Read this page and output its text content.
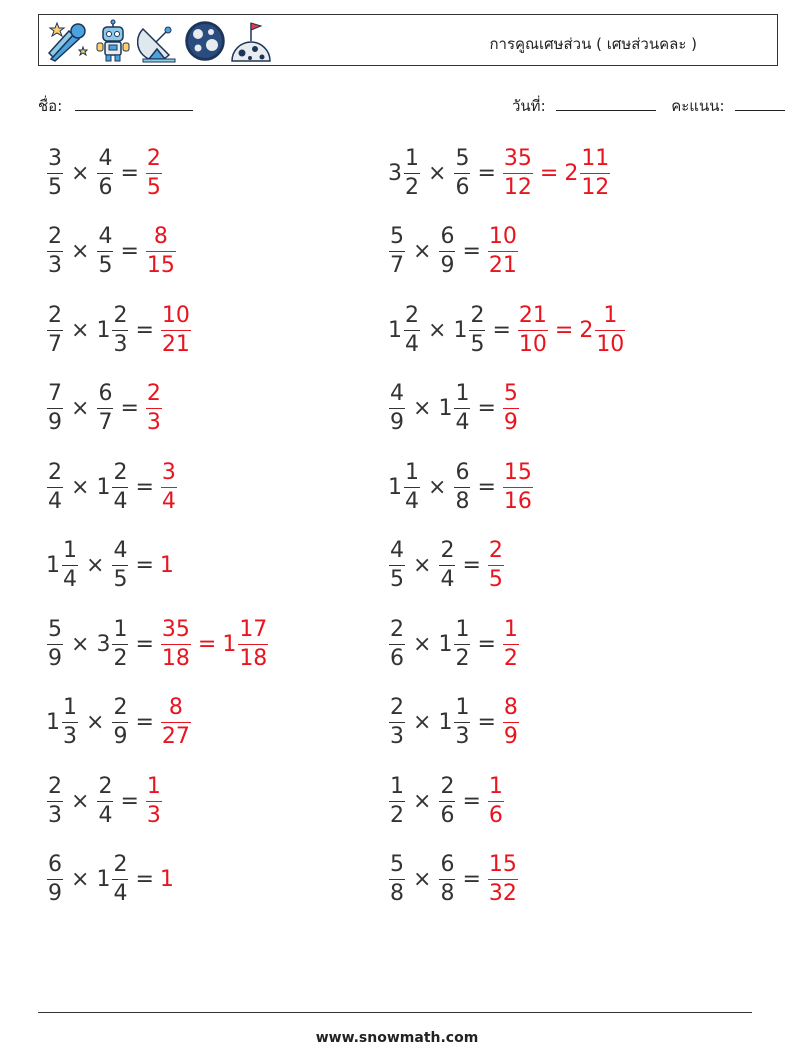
การคูณเศษส่วน ( เศษส่วนคละ )
ชื่อ:	วันที่:	คะแนน:
$\frac{3}{5} \times \frac{4}{6} = \frac{2}{5}$	$3 \frac{1}{2} \times \frac{5}{6} = \frac{35}{12} = 2 \frac{11}{12}$
$\frac{2}{3} \times \frac{4}{5} = \frac{8}{15}$	$\frac{5}{7} \times \frac{6}{9} = \frac{10}{21}$
$\frac{2}{7} \times 1 \frac{2}{3} = \frac{10}{21}$	$1 \frac{2}{4} \times 1 \frac{2}{5} = \frac{21}{10} = 2 \frac{1}{10}$
$\frac{7}{9} \times \frac{6}{7} = \frac{2}{3}$	$\frac{4}{9} \times 1 \frac{1}{4} = \frac{5}{9}$
$\frac{2}{4} \times 1 \frac{2}{4} = \frac{3}{4}$	$1 \frac{1}{4} \times \frac{6}{8} = \frac{15}{16}$
$1 \frac{1}{4} \times \frac{4}{5} = 1$	$\frac{4}{5} \times \frac{2}{4} = \frac{2}{5}$
$\frac{5}{9} \times 3 \frac{1}{2} = \frac{35}{18} = 1 \frac{17}{18}$	$\frac{2}{6} \times 1 \frac{1}{2} = \frac{1}{2}$
$1 \frac{1}{3} \times \frac{2}{9} = \frac{8}{27}$	$\frac{2}{3} \times 1 \frac{1}{3} = \frac{8}{9}$
$\frac{2}{3} \times \frac{2}{4} = \frac{1}{3}$	$\frac{1}{2} \times \frac{2}{6} = \frac{1}{6}$
$\frac{6}{9} \times 1 \frac{2}{4} = 1$	$\frac{5}{8} \times \frac{6}{8} = \frac{15}{32}$
www.snowmath.com
